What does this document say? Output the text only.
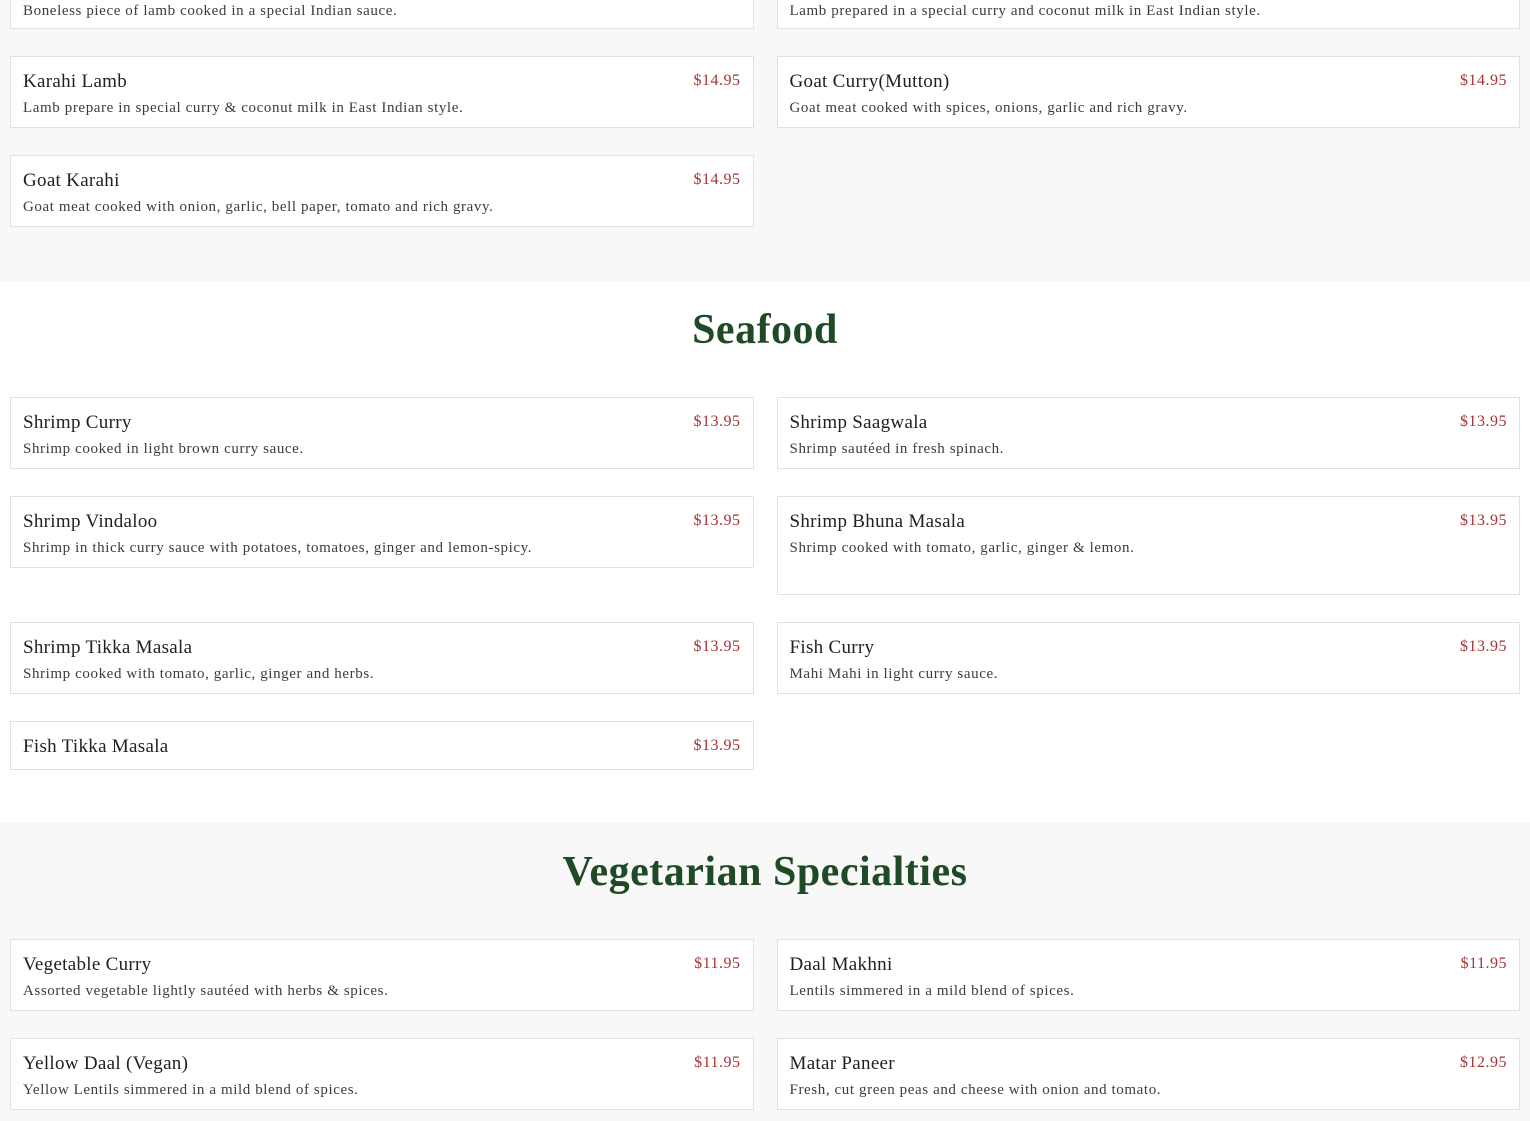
Boneless piece of lamb cooked in a special Indian sauce.	Lamb prepared in a special curry and coconut milk in East Indian style.

Karahi Lamb	$14.95

Lamb prepare in special curry & coconut milk in East Indian style.

Goat Curry(Mutton)	$14.95

Goat meat cooked with spices, onions, garlic and rich gravy.

Goat Karahi	$14.95

Goat meat cooked with onion, garlic, bell paper, tomato and rich gravy.

Seafood
Shrimp Curry	$13.95

Shrimp cooked in light brown curry sauce.

Shrimp Saagwala	$13.95

Shrimp sautéed in fresh spinach.

Shrimp Vindaloo	$13.95

Shrimp in thick curry sauce with potatoes, tomatoes, ginger and lemon-spicy.

Shrimp Bhuna Masala	$13.95

Shrimp cooked with tomato, garlic, ginger & lemon.

Shrimp Tikka Masala	$13.95

Shrimp cooked with tomato, garlic, ginger and herbs.

Fish Curry	$13.95

Mahi Mahi in light curry sauce.

Fish Tikka Masala	$13.95
Vegetarian Specialties
Vegetable Curry	$11.95

Assorted vegetable lightly sautéed with herbs & spices.

Daal Makhni	$11.95

Lentils simmered in a mild blend of spices.

Yellow Daal (Vegan)	$11.95

Yellow Lentils simmered in a mild blend of spices.

Matar Paneer	$12.95

Fresh, cut green peas and cheese with onion and tomato.
